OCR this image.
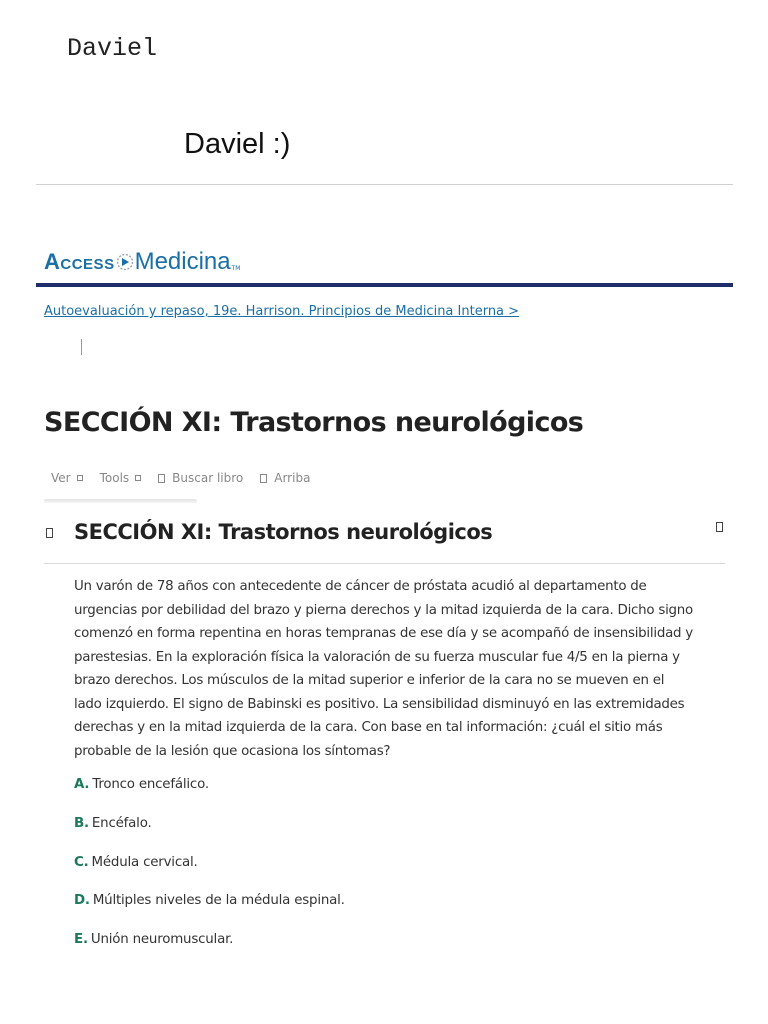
Daviel
Daviel :)
Access Medicina TM
Autoevaluación y repaso, 19e. Harrison. Principios de Medicina Interna >
SECCIÓN XI: Trastornos neurológicos
Ver Tools	Buscar libro	Arriba
SECCIÓN XI: Trastornos neurológicos

Un varón de 78 años con antecedente de cáncer de próstata acudió al departamento de urgencias por debilidad del brazo y pierna derechos y la mitad izquierda de la cara. Dicho signo comenzó en forma repentina en horas tempranas de ese día y se acompañó de insensibilidad y parestesias. En la exploración física la valoración de su fuerza muscular fue 4/5 en la pierna y brazo derechos. Los músculos de la mitad superior e inferior de la cara no se mueven en el lado izquierdo. El signo de Babinski es positivo. La sensibilidad disminuyó en las extremidades derechas y en la mitad izquierda de la cara. Con base en tal información: ¿cuál el sitio más probable de la lesión que ocasiona los síntomas?

A. Tronco encefálico.
B. Encéfalo.
C. Médula cervical.
D. Múltiples niveles de la médula espinal.
E. Unión neuromuscular.
